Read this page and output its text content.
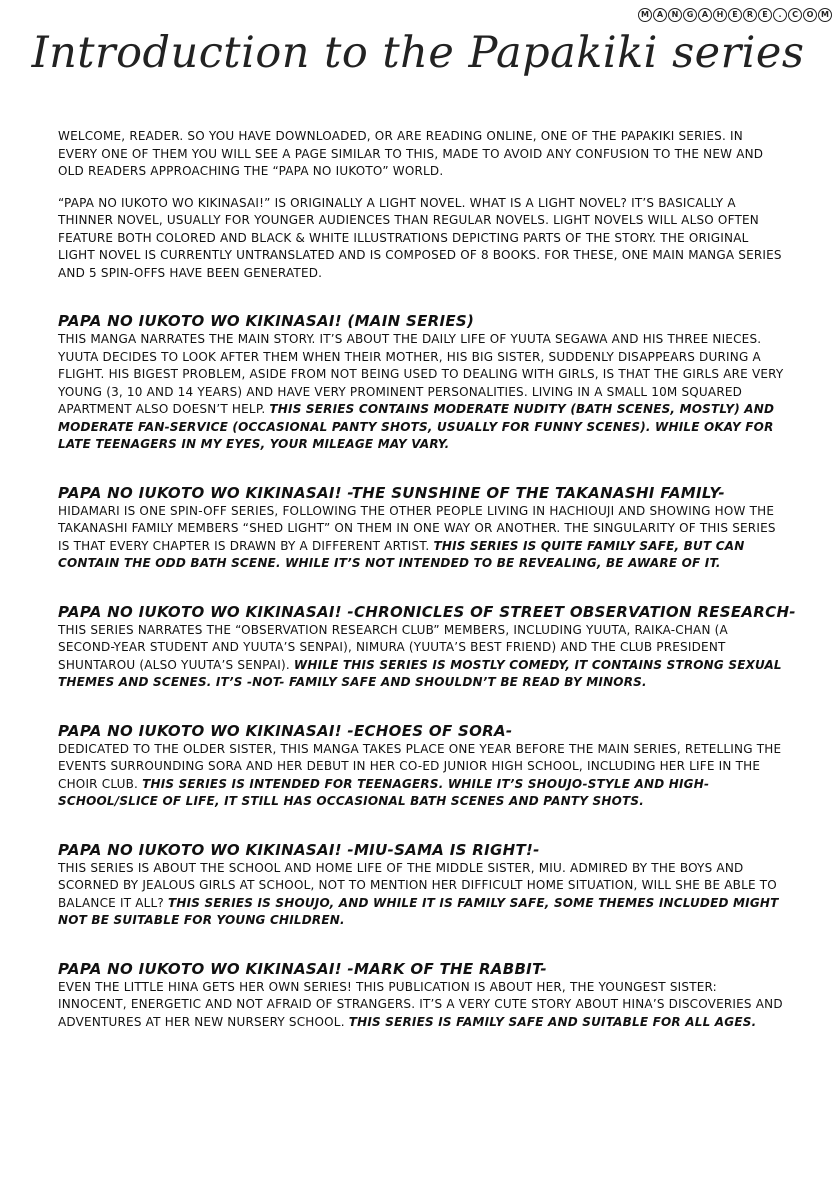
M A	N	G	A	H	E	R	E	.	C	O M
Introduction to the Papakiki series

WELCOME, READER. SO YOU HAVE DOWNLOADED, OR ARE READING ONLINE, ONE OF THE PAPAKIKI SERIES. IN EVERY ONE OF THEM YOU WILL SEE A PAGE SIMILAR TO THIS, MADE TO AVOID ANY CONFUSION TO THE NEW AND OLD READERS APPROACHING THE “PAPA NO IUKOTO” WORLD.

“PAPA NO IUKOTO WO KIKINASAI!” IS ORIGINALLY A LIGHT NOVEL. WHAT IS A LIGHT NOVEL? IT’S BASICALLY A THINNER NOVEL, USUALLY FOR YOUNGER AUDIENCES THAN REGULAR NOVELS. LIGHT NOVELS WILL ALSO OFTEN FEATURE BOTH COLORED AND BLACK & WHITE ILLUSTRATIONS DEPICTING PARTS OF THE STORY. THE ORIGINAL LIGHT NOVEL IS CURRENTLY UNTRANSLATED AND IS COMPOSED OF 8 BOOKS. FOR THESE, ONE MAIN MANGA SERIES AND 5 SPIN-OFFS HAVE BEEN GENERATED.

PAPA NO IUKOTO WO KIKINASAI! (MAIN SERIES)

THIS MANGA NARRATES THE MAIN STORY. IT’S ABOUT THE DAILY LIFE OF YUUTA SEGAWA AND HIS THREE NIECES. YUUTA DECIDES TO LOOK AFTER THEM WHEN THEIR MOTHER, HIS BIG SISTER, SUDDENLY DISAPPEARS DURING A FLIGHT. HIS BIGEST PROBLEM, ASIDE FROM NOT BEING USED TO DEALING WITH GIRLS, IS THAT THE GIRLS ARE VERY YOUNG (3, 10 AND 14 YEARS) AND HAVE VERY PROMINENT PERSONALITIES. LIVING IN A SMALL 10M SQUARED APARTMENT ALSO DOESN’T HELP. THIS SERIES CONTAINS MODERATE NUDITY (BATH SCENES, MOSTLY) AND MODERATE FAN-SERVICE (OCCASIONAL PANTY SHOTS, USUALLY FOR FUNNY SCENES). WHILE OKAY FOR LATE TEENAGERS IN MY EYES, YOUR MILEAGE MAY VARY.

PAPA NO IUKOTO WO KIKINASAI! -THE SUNSHINE OF THE TAKANASHI FAMILY-

HIDAMARI IS ONE SPIN-OFF SERIES, FOLLOWING THE OTHER PEOPLE LIVING IN HACHIOUJI AND SHOWING HOW THE TAKANASHI FAMILY MEMBERS “SHED LIGHT” ON THEM IN ONE WAY OR ANOTHER. THE SINGULARITY OF THIS SERIES IS THAT EVERY CHAPTER IS DRAWN BY A DIFFERENT ARTIST. THIS SERIES IS QUITE FAMILY SAFE, BUT CAN CONTAIN THE ODD BATH SCENE. WHILE IT’S NOT INTENDED TO BE REVEALING, BE AWARE OF IT.

PAPA NO IUKOTO WO KIKINASAI! -CHRONICLES OF STREET OBSERVATION RESEARCH-

THIS SERIES NARRATES THE “OBSERVATION RESEARCH CLUB” MEMBERS, INCLUDING YUUTA, RAIKA-CHAN (A SECOND-YEAR STUDENT AND YUUTA’S SENPAI), NIMURA (YUUTA’S BEST FRIEND) AND THE CLUB PRESIDENT SHUNTAROU (ALSO YUUTA’S SENPAI). WHILE THIS SERIES IS MOSTLY COMEDY, IT CONTAINS STRONG SEXUAL THEMES AND SCENES. IT’S -NOT- FAMILY SAFE AND SHOULDN’T BE READ BY MINORS.

PAPA NO IUKOTO WO KIKINASAI! -ECHOES OF SORA-

DEDICATED TO THE OLDER SISTER, THIS MANGA TAKES PLACE ONE YEAR BEFORE THE MAIN SERIES, RETELLING THE EVENTS SURROUNDING SORA AND HER DEBUT IN HER CO-ED JUNIOR HIGH SCHOOL, INCLUDING HER LIFE IN THE CHOIR CLUB. THIS SERIES IS INTENDED FOR TEENAGERS. WHILE IT’S SHOUJO-STYLE AND HIGH-SCHOOL/SLICE OF LIFE, IT STILL HAS OCCASIONAL BATH SCENES AND PANTY SHOTS.

PAPA NO IUKOTO WO KIKINASAI! -MIU-SAMA IS RIGHT!-

THIS SERIES IS ABOUT THE SCHOOL AND HOME LIFE OF THE MIDDLE SISTER, MIU. ADMIRED BY THE BOYS AND SCORNED BY JEALOUS GIRLS AT SCHOOL, NOT TO MENTION HER DIFFICULT HOME SITUATION, WILL SHE BE ABLE TO BALANCE IT ALL? THIS SERIES IS SHOUJO, AND WHILE IT IS FAMILY SAFE, SOME THEMES INCLUDED MIGHT NOT BE SUITABLE FOR YOUNG CHILDREN.

PAPA NO IUKOTO WO KIKINASAI! -MARK OF THE RABBIT-

EVEN THE LITTLE HINA GETS HER OWN SERIES! THIS PUBLICATION IS ABOUT HER, THE YOUNGEST SISTER: INNOCENT, ENERGETIC AND NOT AFRAID OF STRANGERS. IT’S A VERY CUTE STORY ABOUT HINA’S DISCOVERIES AND ADVENTURES AT HER NEW NURSERY SCHOOL. THIS SERIES IS FAMILY SAFE AND SUITABLE FOR ALL AGES.
